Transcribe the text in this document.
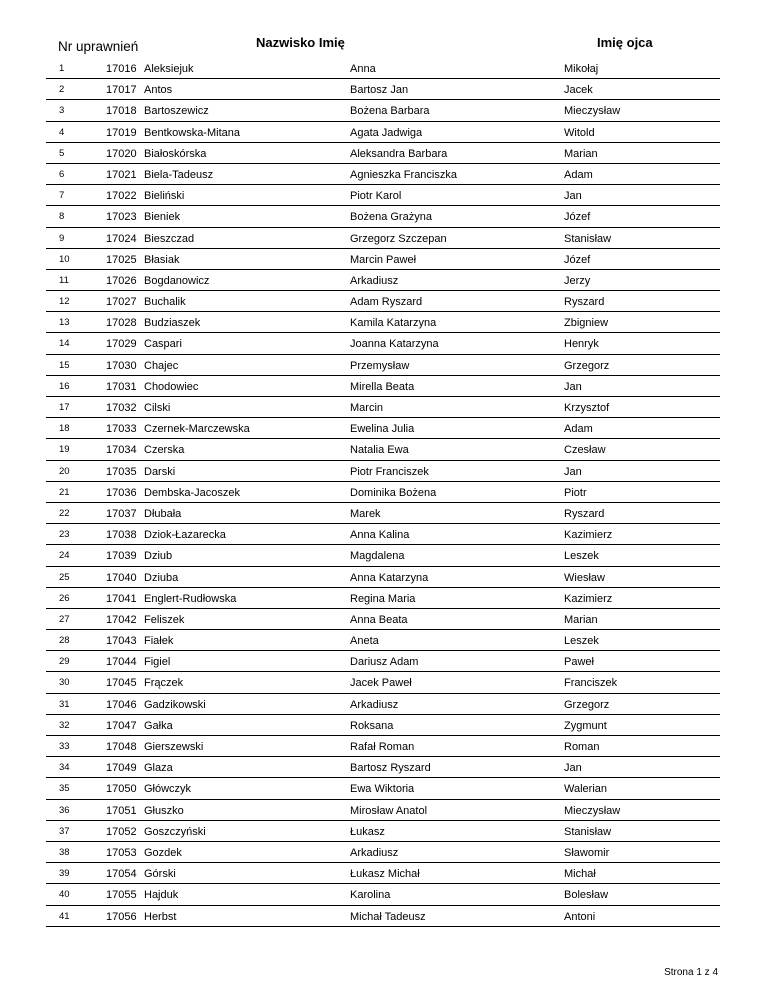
Nr uprawnień	Nazwisko Imię	Imię ojca
1	17016 Aleksiejuk	Anna	Mikołaj
2	17017 Antos	Bartosz Jan	Jacek
3	17018 Bartoszewicz	Bożena Barbara	Mieczysław
4	17019 Bentkowska-Mitana	Agata Jadwiga	Witold
5	17020 Białoskórska	Aleksandra Barbara	Marian
6	17021 Biela-Tadeusz	Agnieszka Franciszka	Adam
7	17022 Bieliński	Piotr Karol	Jan
8	17023 Bieniek	Bożena Grażyna	Józef
9	17024 Bieszczad	Grzegorz Szczepan	Stanisław
10	17025 Błasiak	Marcin Paweł	Józef
11	17026 Bogdanowicz	Arkadiusz	Jerzy
12	17027 Buchalik	Adam Ryszard	Ryszard
13	17028 Budziaszek	Kamila Katarzyna	Zbigniew
14	17029 Caspari	Joanna Katarzyna	Henryk
15	17030 Chajec	Przemysław	Grzegorz
16	17031 Chodowiec	Mirella Beata	Jan
17	17032 Cilski	Marcin	Krzysztof
18	17033 Czernek-Marczewska	Ewelina Julia	Adam
19	17034 Czerska	Natalia Ewa	Czesław
20	17035 Darski	Piotr Franciszek	Jan
21	17036 Dembska-Jacoszek	Dominika Bożena	Piotr
22	17037 Dłubała	Marek	Ryszard
23	17038 Dziok-Łazarecka	Anna Kalina	Kazimierz
24	17039 Dziub	Magdalena	Leszek
25	17040 Dziuba	Anna Katarzyna	Wiesław
26	17041 Englert-Rudłowska	Regina Maria	Kazimierz
27	17042 Feliszek	Anna Beata	Marian
28	17043 Fiałek	Aneta	Leszek
29	17044 Figiel	Dariusz Adam	Paweł
30	17045 Frączek	Jacek Paweł	Franciszek
31	17046 Gadzikowski	Arkadiusz	Grzegorz
32	17047 Gałka	Roksana	Zygmunt
33	17048 Gierszewski	Rafał Roman	Roman
34	17049 Glaza	Bartosz Ryszard	Jan
35	17050 Główczyk	Ewa Wiktoria	Walerian
36	17051 Głuszko	Mirosław Anatol	Mieczysław
37	17052 Goszczyński	Łukasz	Stanisław
38	17053 Gozdek	Arkadiusz	Sławomir
39	17054 Górski	Łukasz Michał	Michał
40	17055 Hajduk	Karolina	Bolesław
41	17056 Herbst	Michał Tadeusz	Antoni
Strona 1 z 4
